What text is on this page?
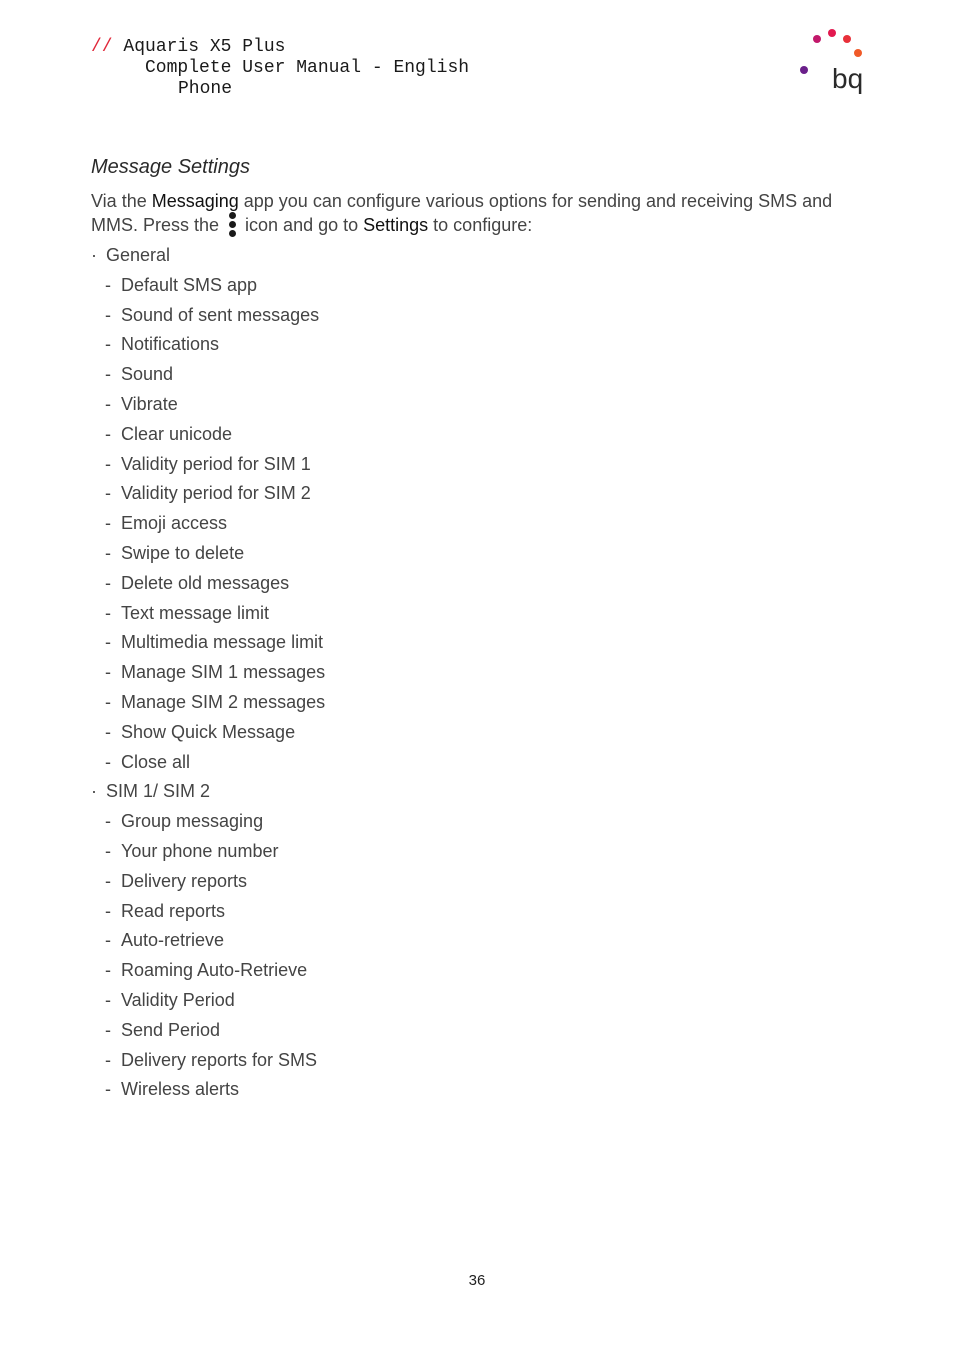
// Aquaris X5 Plus
Complete User Manual - English
Phone	bq
Message Settings
Via the Messaging app you can configure various options for sending and receiving SMS and MMS. Press the
icon and go to Settings to configure:
· General
- Default SMS app
- Sound of sent messages
- Notifications
- Sound
- Vibrate
- Clear unicode
- Validity period for SIM 1
- Validity period for SIM 2
- Emoji access
- Swipe to delete
- Delete old messages
- Text message limit
- Multimedia message limit
- Manage SIM 1 messages
- Manage SIM 2 messages
- Show Quick Message
- Close all
· SIM 1/ SIM 2
- Group messaging
- Your phone number
- Delivery reports
- Read reports
- Auto-retrieve
- Roaming Auto-Retrieve
- Validity Period
- Send Period
- Delivery reports for SMS
- Wireless alerts
36
